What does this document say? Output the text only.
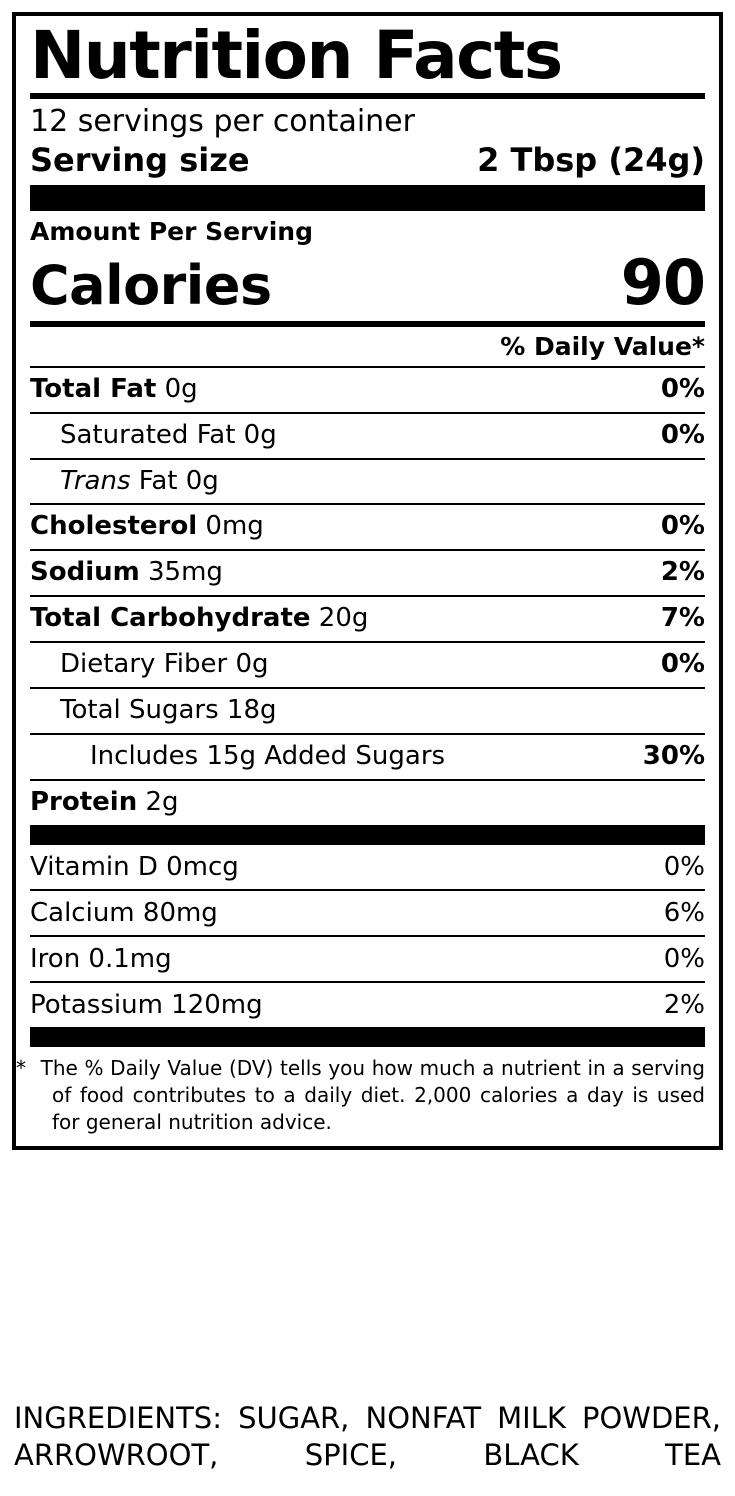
Nutrition Facts
12 servings per container
Serving size	2 Tbsp (24g)
Amount Per Serving
Calories	90
% Daily Value*
Total Fat 0g	0%
Saturated Fat 0g	0%
Trans Fat 0g
Cholesterol 0mg	0%
Sodium 35mg	2%
Total Carbohydrate 20g	7%
Dietary Fiber 0g	0%
Total Sugars 18g
Includes 15g Added Sugars	30%
Protein 2g
Vitamin D 0mcg	0%
Calcium 80mg	6%
Iron 0.1mg	0%
Potassium 120mg	2%
* The % Daily Value (DV) tells you how much a nutrient in a serving of food contributes to a daily diet. 2,000 calories a day is used for general nutrition advice.
INGREDIENTS: SUGAR, NONFAT MILK POWDER, ARROWROOT, SPICE, BLACK TEA
